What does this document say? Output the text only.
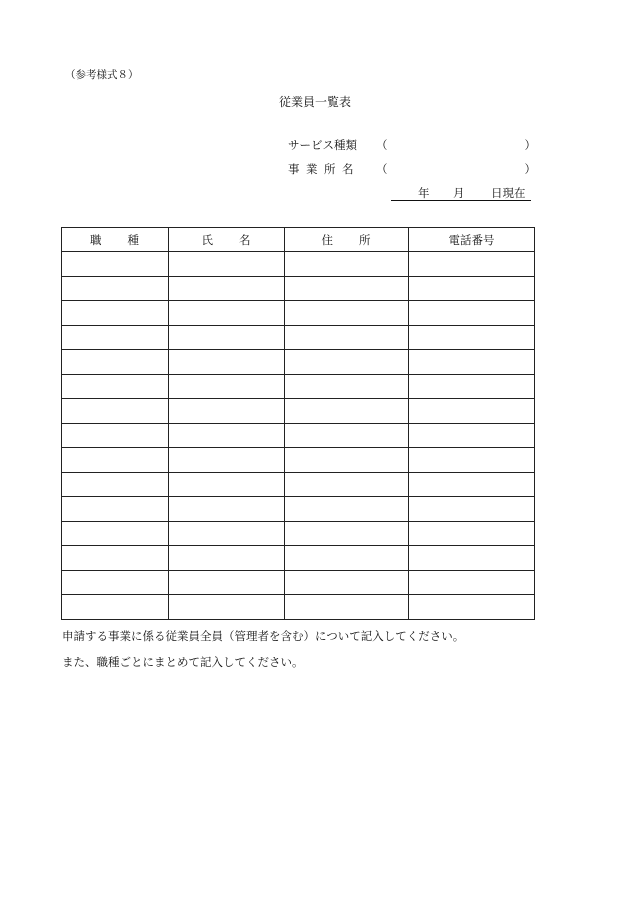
（参考様式８）
従業員一覧表
サービス種類 （	）
事業所名 （	）
年 月 日現在
職　　種	氏　　名	住　　所	電話番号

申請する事業に係る従業員全員（管理者を含む）について記入してください。
また、職種ごとにまとめて記入してください。
